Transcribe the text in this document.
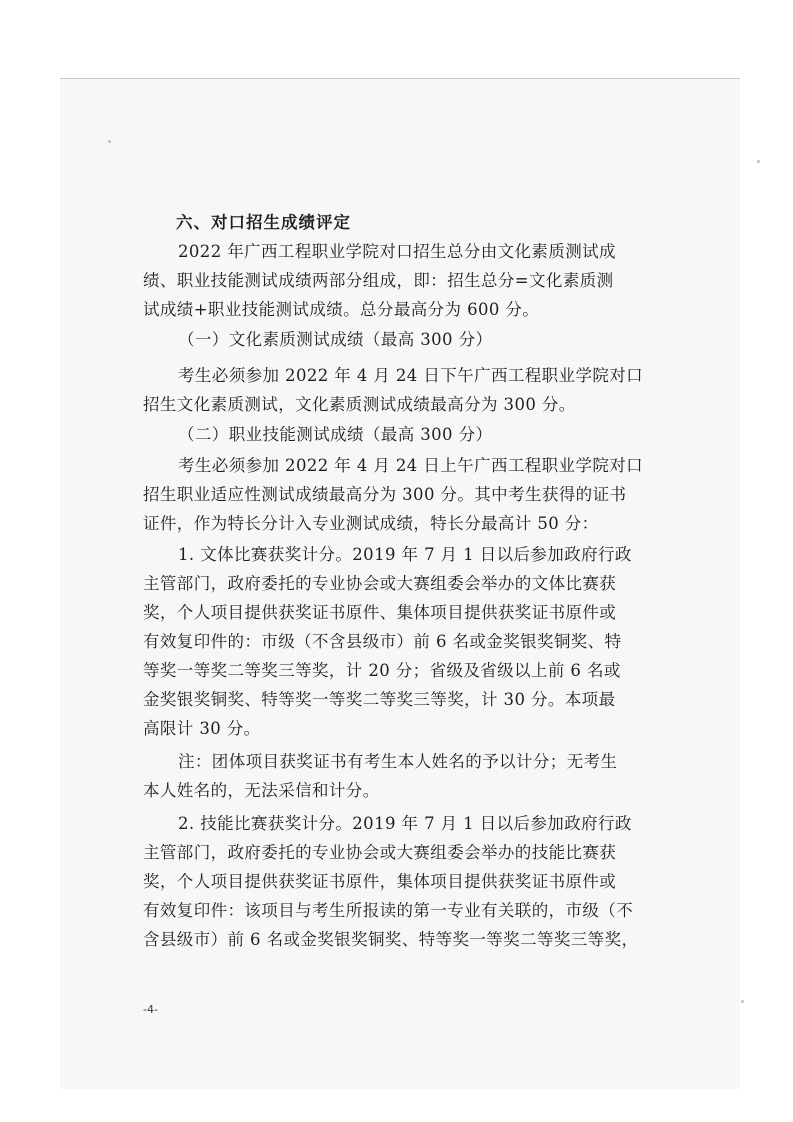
六、对口招生成绩评定
2022 年广西工程职业学院对口招生总分由文化素质测试成
绩、职业技能测试成绩两部分组成，即：招生总分=文化素质测
试成绩+职业技能测试成绩。总分最高分为 600 分。
（一）文化素质测试成绩（最高 300 分）
考生必须参加 2022 年 4 月 24 日下午广西工程职业学院对口
招生文化素质测试，文化素质测试成绩最高分为 300 分。
（二）职业技能测试成绩（最高 300 分）
考生必须参加 2022 年 4 月 24 日上午广西工程职业学院对口
招生职业适应性测试成绩最高分为 300 分。其中考生获得的证书
证件，作为特长分计入专业测试成绩，特长分最高计 50 分：
1. 文体比赛获奖计分。2019 年 7 月 1 日以后参加政府行政
主管部门，政府委托的专业协会或大赛组委会举办的文体比赛获
奖，个人项目提供获奖证书原件、集体项目提供获奖证书原件或
有效复印件的：市级（不含县级市）前 6 名或金奖银奖铜奖、特
等奖一等奖二等奖三等奖，计 20 分；省级及省级以上前 6 名或
金奖银奖铜奖、特等奖一等奖二等奖三等奖，计 30 分。本项最
高限计 30 分。
注：团体项目获奖证书有考生本人姓名的予以计分；无考生
本人姓名的，无法采信和计分。
2. 技能比赛获奖计分。2019 年 7 月 1 日以后参加政府行政
主管部门，政府委托的专业协会或大赛组委会举办的技能比赛获
奖，个人项目提供获奖证书原件，集体项目提供获奖证书原件或
有效复印件：该项目与考生所报读的第一专业有关联的，市级（不
含县级市）前 6 名或金奖银奖铜奖、特等奖一等奖二等奖三等奖，
-4-
